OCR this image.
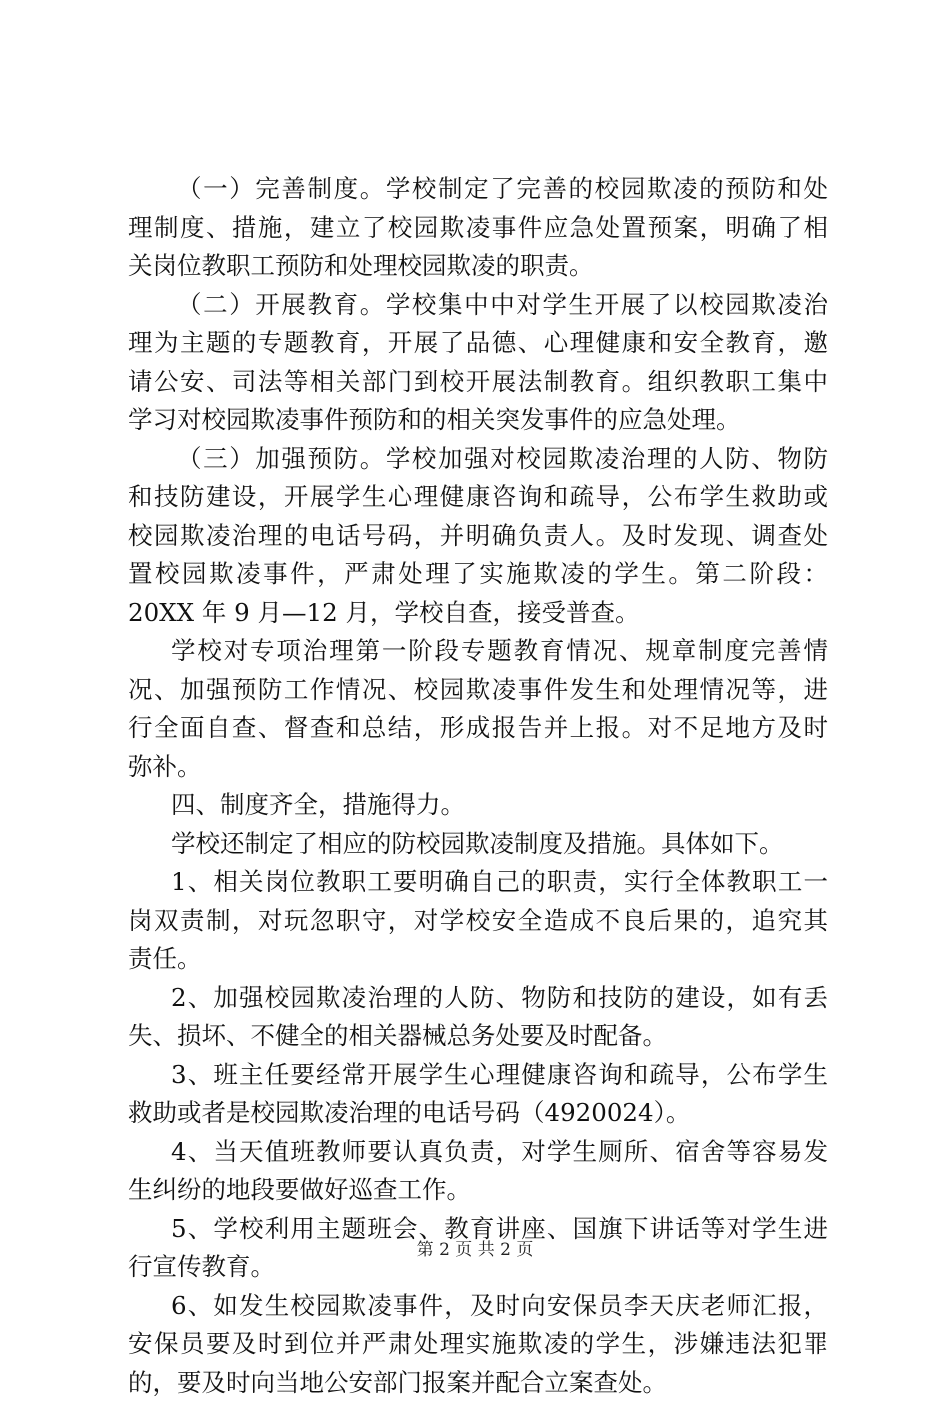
（一）完善制度。学校制定了完善的校园欺凌的预防和处
理制度、措施，建立了校园欺凌事件应急处置预案，明确了相
关岗位教职工预防和处理校园欺凌的职责。
（二）开展教育。学校集中中对学生开展了以校园欺凌治
理为主题的专题教育，开展了品德、心理健康和安全教育，邀
请公安、司法等相关部门到校开展法制教育。组织教职工集中
学习对校园欺凌事件预防和的相关突发事件的应急处理。
（三）加强预防。学校加强对校园欺凌治理的人防、物防
和技防建设，开展学生心理健康咨询和疏导，公布学生救助或
校园欺凌治理的电话号码，并明确负责人。及时发现、调查处
置校园欺凌事件，严肃处理了实施欺凌的学生。第二阶段：
20XX 年 9 月—12 月，学校自查，接受普查。
学校对专项治理第一阶段专题教育情况、规章制度完善情
况、加强预防工作情况、校园欺凌事件发生和处理情况等，进
行全面自查、督查和总结，形成报告并上报。对不足地方及时
弥补。
四、制度齐全，措施得力。
学校还制定了相应的防校园欺凌制度及措施。具体如下。
1、相关岗位教职工要明确自己的职责，实行全体教职工一
岗双责制，对玩忽职守，对学校安全造成不良后果的，追究其
责任。
2、加强校园欺凌治理的人防、物防和技防的建设，如有丢
失、损坏、不健全的相关器械总务处要及时配备。
3、班主任要经常开展学生心理健康咨询和疏导，公布学生
救助或者是校园欺凌治理的电话号码（4920024）。
4、当天值班教师要认真负责，对学生厕所、宿舍等容易发
生纠纷的地段要做好巡查工作。
5、学校利用主题班会、教育讲座、国旗下讲话等对学生进
行宣传教育。
6、如发生校园欺凌事件，及时向安保员李天庆老师汇报，
安保员要及时到位并严肃处理实施欺凌的学生，涉嫌违法犯罪
的，要及时向当地公安部门报案并配合立案查处。
第 2 页 共 2 页
